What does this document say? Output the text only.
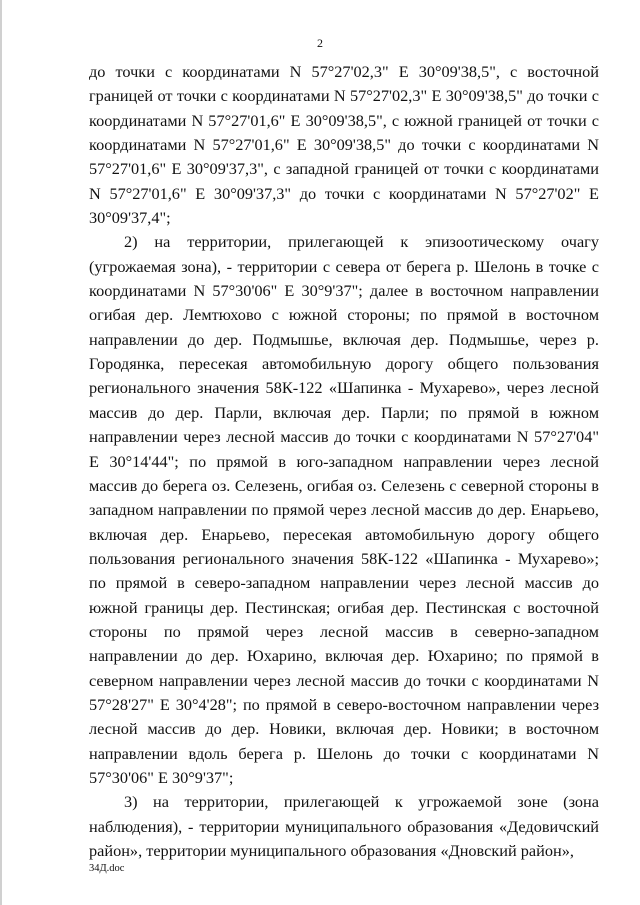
2

до точки с координатами N 57°27'02,3" E 30°09'38,5", с восточной границей от точки с координатами N 57°27'02,3" E 30°09'38,5" до точки с координатами N 57°27'01,6" E 30°09'38,5", с южной границей от точки с координатами N 57°27'01,6" E 30°09'38,5" до точки с координатами N 57°27'01,6" E 30°09'37,3", с западной границей от точки с координатами N 57°27'01,6" E 30°09'37,3" до точки с координатами N 57°27'02" E 30°09'37,4";

2) на территории, прилегающей к эпизоотическому очагу (угрожаемая зона), - территории с севера от берега р. Шелонь в точке с координатами N 57°30'06" E 30°9'37"; далее в восточном направлении огибая дер. Лемтюхово с южной стороны; по прямой в восточном направлении до дер. Подмышье, включая дер. Подмышье, через р. Городянка, пересекая автомобильную дорогу общего пользования регионального значения 58К-122 «Шапинка - Мухарево», через лесной массив до дер. Парли, включая дер. Парли; по прямой в южном направлении через лесной массив до точки с координатами N 57°27'04" E 30°14'44"; по прямой в юго-западном направлении через лесной массив до берега оз. Селезень, огибая оз. Селезень с северной стороны в западном направлении по прямой через лесной массив до дер. Енарьево, включая дер. Енарьево, пересекая автомобильную дорогу общего пользования регионального значения 58К-122 «Шапинка - Мухарево»; по прямой в северо-западном направлении через лесной массив до южной границы дер. Пестинская; огибая дер. Пестинская с восточной стороны по прямой через лесной массив в северно-западном направлении до дер. Юхарино, включая дер. Юхарино; по прямой в северном направлении через лесной массив до точки с координатами N 57°28'27" E 30°4'28"; по прямой в северо-восточном направлении через лесной массив до дер. Новики, включая дер. Новики; в восточном направлении вдоль берега р. Шелонь до точки с координатами N 57°30'06" E 30°9'37";

3) на территории, прилегающей к угрожаемой зоне (зона наблюдения), - территории муниципального образования «Дедовичский район», территории муниципального образования «Дновский район»,

34Д.doc
